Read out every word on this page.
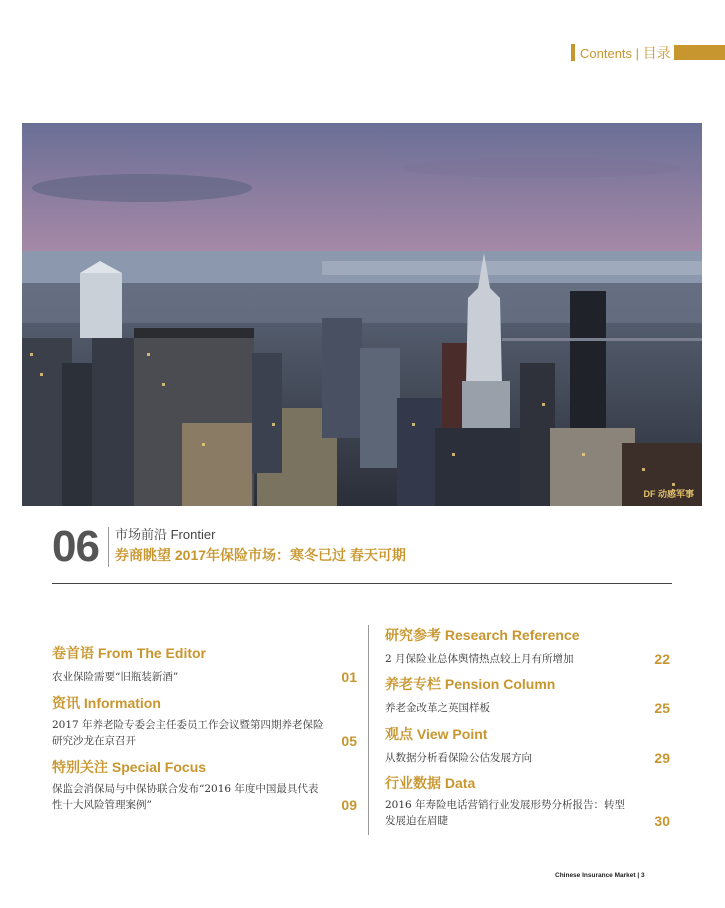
Contents | 目录
DF 动感军事
06 市场前沿 Frontier
券商眺望 2017年保险市场：寒冬已过 春天可期
卷首语 From The Editor
农业保险需要“旧瓶装新酒”	01
资讯 Information
2017 年养老险专委会主任委员工作会议暨第四期养老保险研究沙龙在京召开	05
特别关注 Special Focus
保监会消保局与中保协联合发布“2016 年度中国最具代表性十大风险管理案例”	09
研究参考 Research Reference
2 月保险业总体舆情热点较上月有所增加	22
养老专栏 Pension Column
养老金改革之英国样板	25
观点 View Point
从数据分析看保险公估发展方向	29
行业数据 Data
2016 年寿险电话营销行业发展形势分析报告：转型发展迫在眉睫	30
Chinese Insurance Market | 3
